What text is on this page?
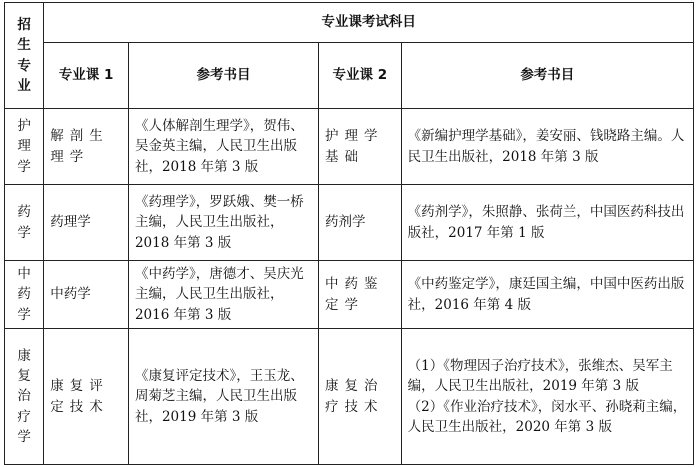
招生专业	专业课考试科目			
	专业课 1	参考书目	专业课 2	参考书目

护理学	解剖生理学	《人体解剖生理学》，贺伟、吴金英主编，人民卫生出版社，2018 年第 3 版	护理学基础	《新编护理学基础》，姜安丽、钱晓路主编。人民卫生出版社，2018 年第 3 版

药学	药理学	《药理学》，罗跃娥、樊一桥主编，人民卫生出版社，2018 年第 3 版	药剂学	《药剂学》，朱照静、张荷兰，中国医药科技出版社，2017 年第 1 版

中药学	中药学	《中药学》，唐德才、吴庆光主编，人民卫生出版社，2016 年第 3 版	中药鉴定学	《中药鉴定学》，康廷国主编，中国中医药出版社，2016 年第 4 版

康复治疗学	康复评定技术	《康复评定技术》，王玉龙、周菊芝主编，人民卫生出版社，2019 年第 3 版	康复治疗技术	（1）《物理因子治疗技术》，张维杰、吴军主编，人民卫生出版社，2019 年第 3 版
（2）《作业治疗技术》，闵水平、孙晓莉主编，人民卫生出版社，2020 年第 3 版
